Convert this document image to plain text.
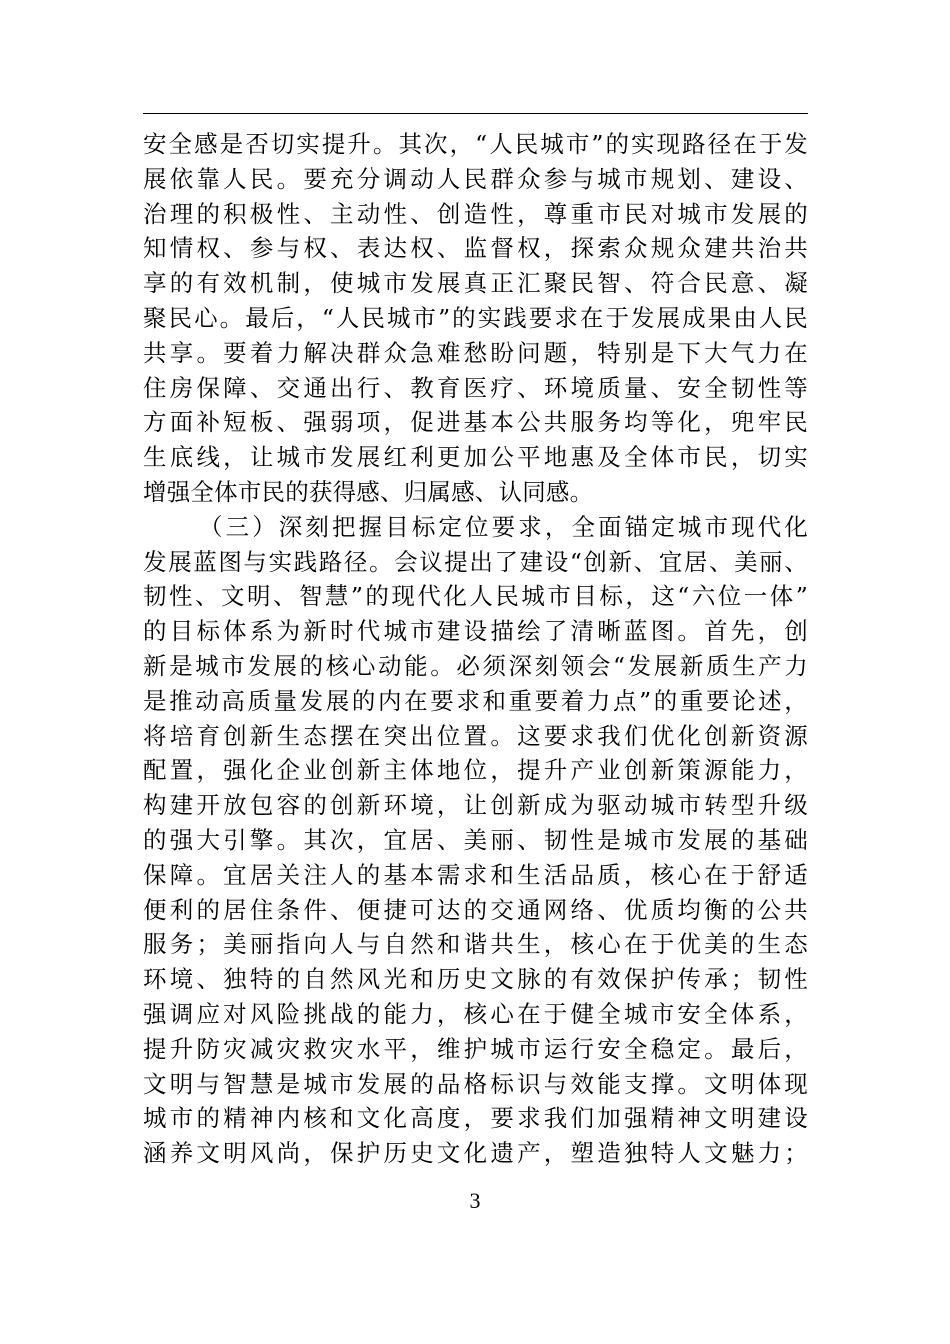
安全感是否切实提升。其次，“人民城市”的实现路径在于发
展依靠人民。要充分调动人民群众参与城市规划、建设、
治理的积极性、主动性、创造性，尊重市民对城市发展的
知情权、参与权、表达权、监督权，探索众规众建共治共
享的有效机制，使城市发展真正汇聚民智、符合民意、凝
聚民心。最后，“人民城市”的实践要求在于发展成果由人民
共享。要着力解决群众急难愁盼问题，特别是下大气力在
住房保障、交通出行、教育医疗、环境质量、安全韧性等
方面补短板、强弱项，促进基本公共服务均等化，兜牢民
生底线，让城市发展红利更加公平地惠及全体市民，切实
增强全体市民的获得感、归属感、认同感。
（三）深刻把握目标定位要求，全面锚定城市现代化
发展蓝图与实践路径。会议提出了建设“创新、宜居、美丽、
韧性、文明、智慧”的现代化人民城市目标，这“六位一体”
的目标体系为新时代城市建设描绘了清晰蓝图。首先，创
新是城市发展的核心动能。必须深刻领会“发展新质生产力
是推动高质量发展的内在要求和重要着力点”的重要论述，
将培育创新生态摆在突出位置。这要求我们优化创新资源
配置，强化企业创新主体地位，提升产业创新策源能力，
构建开放包容的创新环境，让创新成为驱动城市转型升级
的强大引擎。其次，宜居、美丽、韧性是城市发展的基础
保障。宜居关注人的基本需求和生活品质，核心在于舒适
便利的居住条件、便捷可达的交通网络、优质均衡的公共
服务；美丽指向人与自然和谐共生，核心在于优美的生态
环境、独特的自然风光和历史文脉的有效保护传承；韧性
强调应对风险挑战的能力，核心在于健全城市安全体系，
提升防灾减灾救灾水平，维护城市运行安全稳定。最后，
文明与智慧是城市发展的品格标识与效能支撑。文明体现
城市的精神内核和文化高度，要求我们加强精神文明建设
涵养文明风尚，保护历史文化遗产，塑造独特人文魅力；
3
